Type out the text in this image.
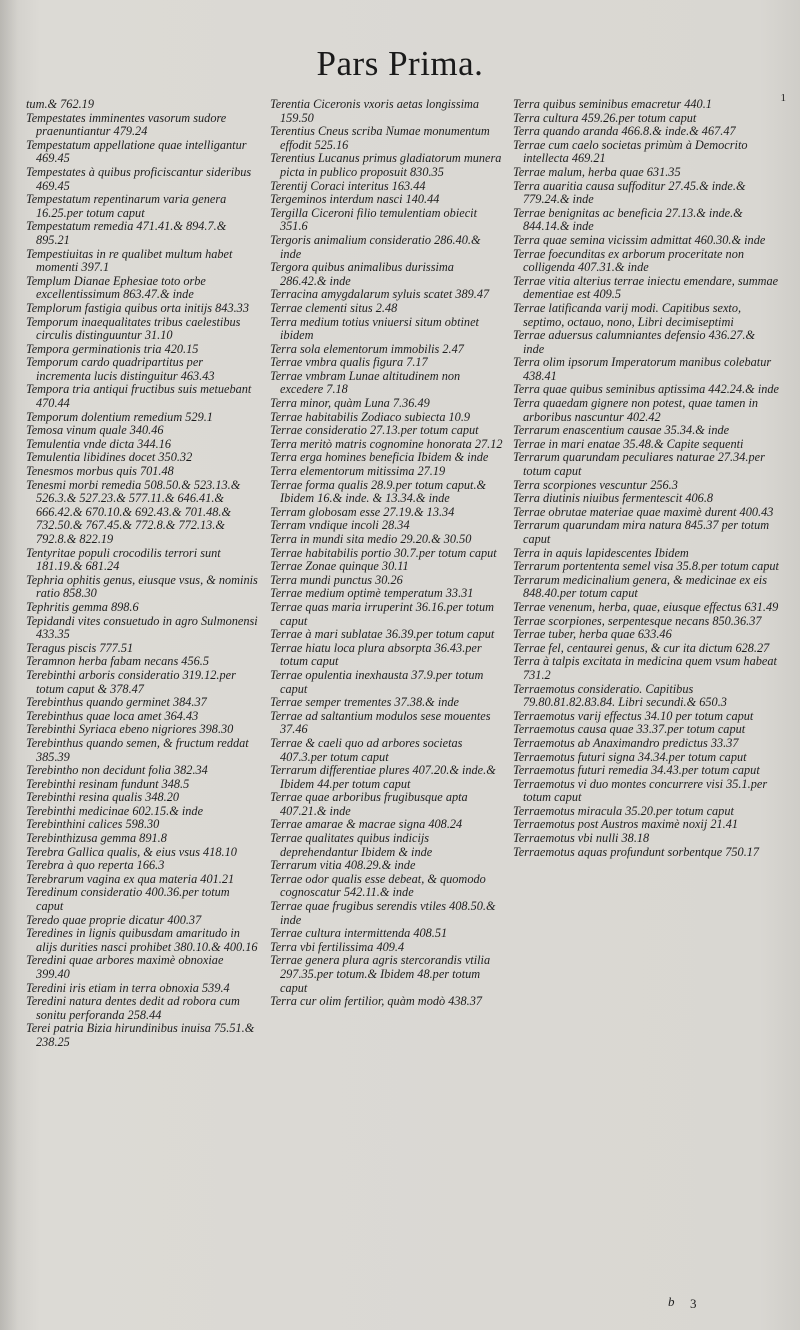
Pars Prima.
1

tum.& 762.19

Tempestates imminentes vasorum sudore praenuntiantur 479.24

Tempestatum appellatione quae intelligantur 469.45

Tempestates à quibus proficiscantur sideribus 469.45

Tempestatum repentinarum varia genera 16.25.per totum caput

Tempestatum remedia 471.41.& 894.7.& 895.21

Tempestiuitas in re qualibet multum habet momenti 397.1

Templum Dianae Ephesiae toto orbe excellentissimum 863.47.& inde

Templorum fastigia quibus orta initijs 843.33

Temporum inaequalitates tribus caelestibus circulis distinguuntur 31.10

Tempora germinationis tria 420.15

Temporum cardo quadripartitus per incrementa lucis distinguitur 463.43

Tempora tria antiqui fructibus suis metuebant 470.44

Temporum dolentium remedium 529.1

Temosa vinum quale 340.46

Temulentia vnde dicta 344.16

Temulentia libidines docet 350.32

Tenesmos morbus quis 701.48

Tenesmi morbi remedia 508.50.& 523.13.& 526.3.& 527.23.& 577.11.& 646.41.& 666.42.& 670.10.& 692.43.& 701.48.& 732.50.& 767.45.& 772.8.& 772.13.& 792.8.& 822.19

Tentyritae populi crocodilis terrori sunt 181.19.& 681.24

Tephria ophitis genus, eiusque vsus, & nominis ratio 858.30

Tephritis gemma 898.6

Tepidandi vites consuetudo in agro Sulmonensi 433.35

Teragus piscis 777.51

Teramnon herba fabam necans 456.5

Terebinthi arboris consideratio 319.12.per totum caput & 378.47

Terebinthus quando germinet 384.37

Terebinthus quae loca amet 364.43

Terebinthi Syriaca ebeno nigriores 398.30

Terebinthus quando semen, & fructum reddat 385.39

Terebintho non decidunt folia 382.34

Terebinthi resinam fundunt 348.5

Terebinthi resina qualis 348.20

Terebinthi medicinae 602.15.& inde

Terebinthini calices 598.30

Terebinthizusa gemma 891.8

Terebra Gallica qualis, & eius vsus 418.10

Terebra à quo reperta 166.3

Terebrarum vagina ex qua materia 401.21

Teredinum consideratio 400.36.per totum caput

Teredo quae proprie dicatur 400.37

Teredines in lignis quibusdam amaritudo in alijs durities nasci prohibet 380.10.& 400.16

Teredini quae arbores maximè obnoxiae 399.40

Teredini iris etiam in terra obnoxia 539.4

Teredini natura dentes dedit ad robora cum sonitu perforanda 258.44

Terei patria Bizia hirundinibus inuisa 75.51.& 238.25

Terentia Ciceronis vxoris aetas longissima 159.50

Terentius Cneus scriba Numae monumentum effodit 525.16

Terentius Lucanus primus gladiatorum munera picta in publico proposuit 830.35

Terentij Coraci interitus 163.44

Tergeminos interdum nasci 140.44

Tergilla Ciceroni filio temulentiam obiecit 351.6

Tergoris animalium consideratio 286.40.& inde

Tergora quibus animalibus durissima 286.42.& inde

Terracina amygdalarum syluis scatet 389.47

Terrae clementi situs 2.48

Terra medium totius vniuersi situm obtinet ibidem

Terra sola elementorum immobilis 2.47

Terrae vmbra qualis figura 7.17

Terrae vmbram Lunae altitudinem non excedere 7.18

Terra minor, quàm Luna 7.36.49

Terrae habitabilis Zodiaco subiecta 10.9

Terrae consideratio 27.13.per totum caput

Terra meritò matris cognomine honorata 27.12

Terra erga homines beneficia Ibidem & inde

Terra elementorum mitissima 27.19

Terrae forma qualis 28.9.per totum caput.& Ibidem 16.& inde. & 13.34.& inde

Terram globosam esse 27.19.& 13.34

Terram vndique incoli 28.34

Terra in mundi sita medio 29.20.& 30.50

Terrae habitabilis portio 30.7.per totum caput

Terrae Zonae quinque 30.11

Terra mundi punctus 30.26

Terrae medium optimè temperatum 33.31

Terrae quas maria irruperint 36.16.per totum caput

Terrae à mari sublatae 36.39.per totum caput

Terrae hiatu loca plura absorpta 36.43.per totum caput

Terrae opulentia inexhausta 37.9.per totum caput

Terrae semper trementes 37.38.& inde

Terrae ad saltantium modulos sese mouentes 37.46

Terrae & caeli quo ad arbores societas 407.3.per totum caput

Terrarum differentiae plures 407.20.& inde.& Ibidem 44.per totum caput

Terrae quae arboribus frugibusque apta 407.21.& inde

Terrae amarae & macrae signa 408.24

Terrae qualitates quibus indicijs deprehendantur Ibidem & inde

Terrarum vitia 408.29.& inde

Terrae odor qualis esse debeat, & quomodo cognoscatur 542.11.& inde

Terrae quae frugibus serendis vtiles 408.50.& inde

Terrae cultura intermittenda 408.51

Terra vbi fertilissima 409.4

Terrae genera plura agris stercorandis vtilia 297.35.per totum.& Ibidem 48.per totum caput

Terra cur olim fertilior, quàm modò 438.37

Terra quibus seminibus emacretur 440.1

Terra cultura 459.26.per totum caput

Terra quando aranda 466.8.& inde.& 467.47

Terrae cum caelo societas primùm à Democrito intellecta 469.21

Terrae malum, herba quae 631.35

Terra auaritia causa suffoditur 27.45.& inde.& 779.24.& inde

Terrae benignitas ac beneficia 27.13.& inde.& 844.14.& inde

Terra quae semina vicissim admittat 460.30.& inde

Terrae foecunditas ex arborum proceritate non colligenda 407.31.& inde

Terrae vitia alterius terrae iniectu emendare, summae dementiae est 409.5

Terrae latificanda varij modi. Capitibus sexto, septimo, octauo, nono, Libri decimiseptimi

Terrae aduersus calumniantes defensio 436.27.& inde

Terra olim ipsorum Imperatorum manibus colebatur 438.41

Terra quae quibus seminibus aptissima 442.24.& inde

Terra quaedam gignere non potest, quae tamen in arboribus nascuntur 402.42

Terrarum enascentium causae 35.34.& inde

Terrae in mari enatae 35.48.& Capite sequenti

Terrarum quarundam peculiares naturae 27.34.per totum caput

Terra scorpiones vescuntur 256.3

Terra diutinis niuibus fermentescit 406.8

Terrae obrutae materiae quae maximè durent 400.43

Terrarum quarundam mira natura 845.37 per totum caput

Terra in aquis lapidescentes Ibidem

Terrarum portententa semel visa 35.8.per totum caput

Terrarum medicinalium genera, & medicinae ex eis 848.40.per totum caput

Terrae venenum, herba, quae, eiusque effectus 631.49

Terrae scorpiones, serpentesque necans 850.36.37

Terrae tuber, herba quae 633.46

Terrae fel, centaurei genus, & cur ita dictum 628.27

Terra à talpis excitata in medicina quem vsum habeat 731.2

Terraemotus consideratio. Capitibus 79.80.81.82.83.84. Libri secundi.& 650.3

Terraemotus varij effectus 34.10 per totum caput

Terraemotus causa quae 33.37.per totum caput

Terraemotus ab Anaximandro predictus 33.37

Terraemotus futuri signa 34.34.per totum caput

Terraemotus futuri remedia 34.43.per totum caput

Terraemotus vi duo montes concurrere visi 35.1.per totum caput

Terraemotus miracula 35.20.per totum caput

Terraemotus post Austros maximè noxij 21.41

Terraemotus vbi nulli 38.18

Terraemotus aquas profundunt sorbentque 750.17

b 3
